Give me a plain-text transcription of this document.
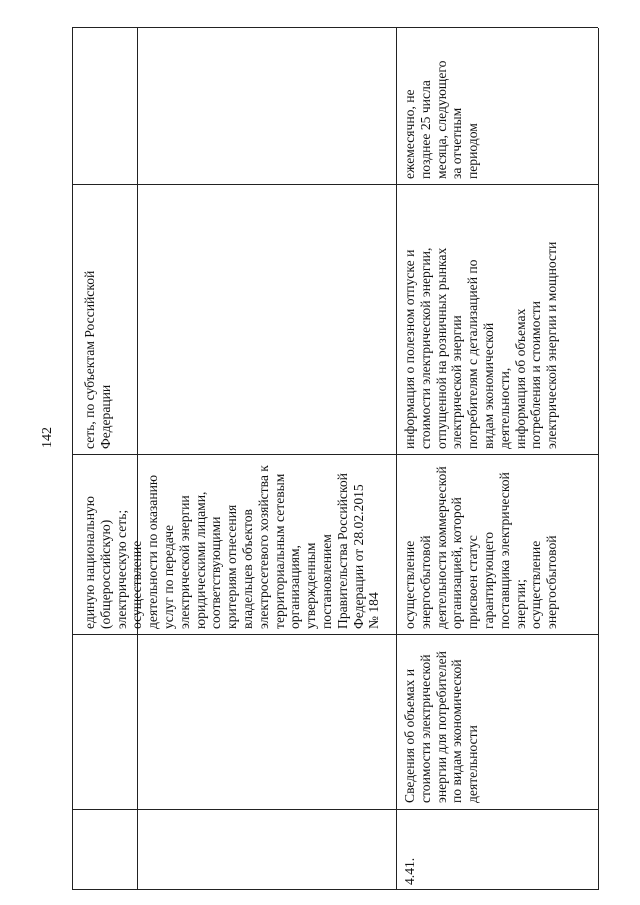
142
единую национальную (общероссийскую) электрическую сеть; осуществление деятельности по оказанию услуг по передаче электрической энергии юридическими лицами, соответствующими критериям отнесения владельцев объектов электросетевого хозяйства к территориальным сетевым организациям, утвержденным постановлением Правительства Российской Федерации от 28.02.2015 № 184
сеть, по субъектам Российской Федерации
4.41.
Сведения об объемах и стоимости электрической энергии для потребителей по видам экономической деятельности
осуществление энергосбытовой деятельности коммерческой организацией, которой присвоен статус гарантирующего поставщика электрической энергии; осуществление энергосбытовой
информация о полезном отпуске и стоимости электрической энергии, отпущенной на розничных рынках электрической энергии потребителям с детализацией по видам экономической деятельности, информация об объемах потребления и стоимости электрической энергии и мощности
ежемесячно, не позднее 25 числа месяца, следующего за отчетным периодом
